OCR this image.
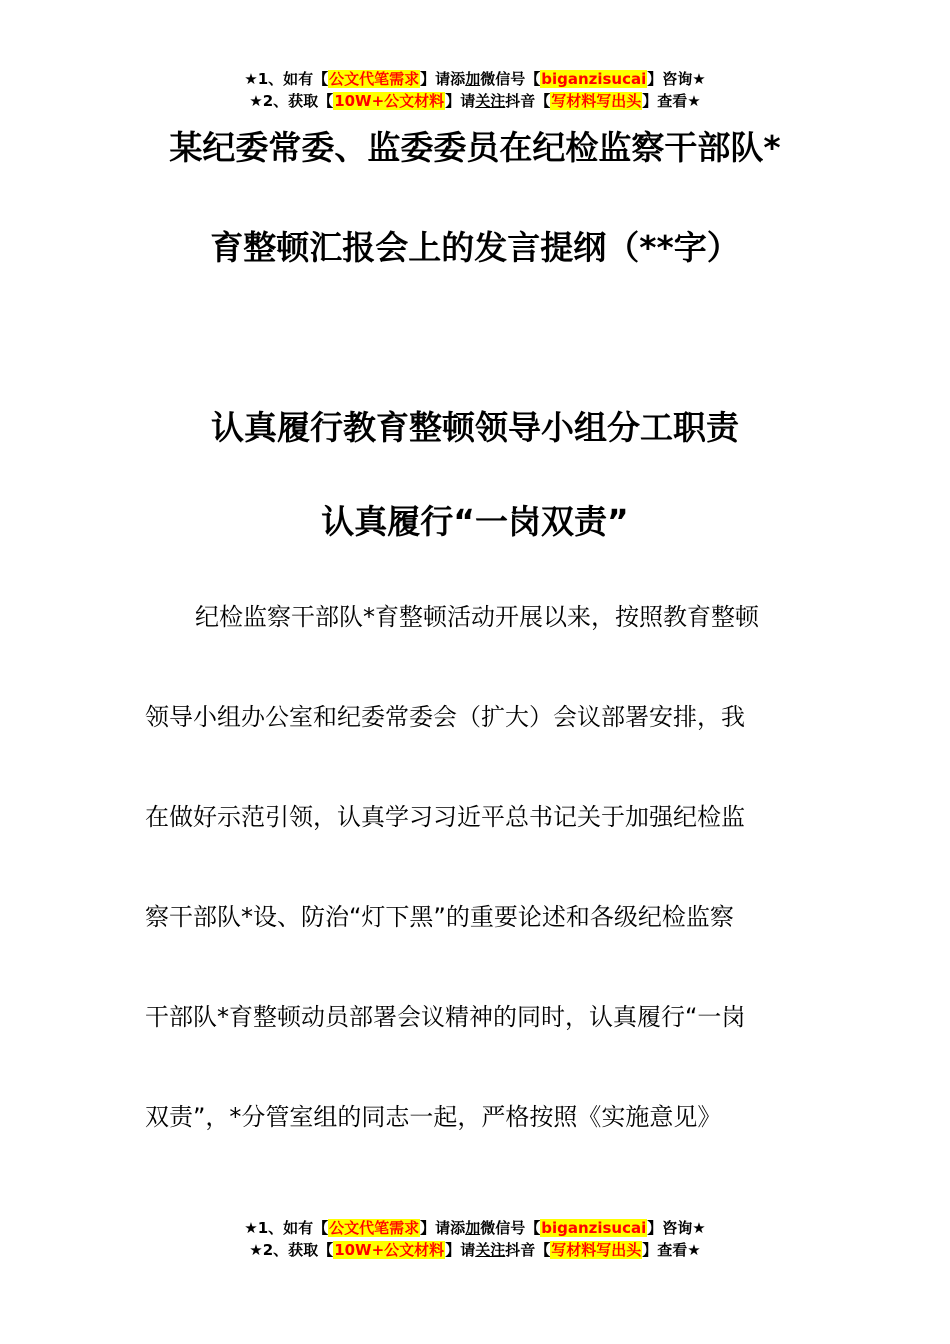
★1、如有【公文代笔需求】请添加微信号【biganzisucai】咨询★
★2、获取【10W+公文材料】请关注抖音【写材料写出头】查看★
某纪委常委、监委委员在纪检监察干部队*
育整顿汇报会上的发言提纲（**字）
认真履行教育整顿领导小组分工职责
认真履行“一岗双责”
纪检监察干部队*育整顿活动开展以来，按照教育整顿
领导小组办公室和纪委常委会（扩大）会议部署安排，我
在做好示范引领，认真学习习近平总书记关于加强纪检监
察干部队*设、防治“灯下黑”的重要论述和各级纪检监察
干部队*育整顿动员部署会议精神的同时，认真履行“一岗
双责”，*分管室组的同志一起，严格按照《实施意见》
★1、如有【公文代笔需求】请添加微信号【biganzisucai】咨询★
★2、获取【10W+公文材料】请关注抖音【写材料写出头】查看★
